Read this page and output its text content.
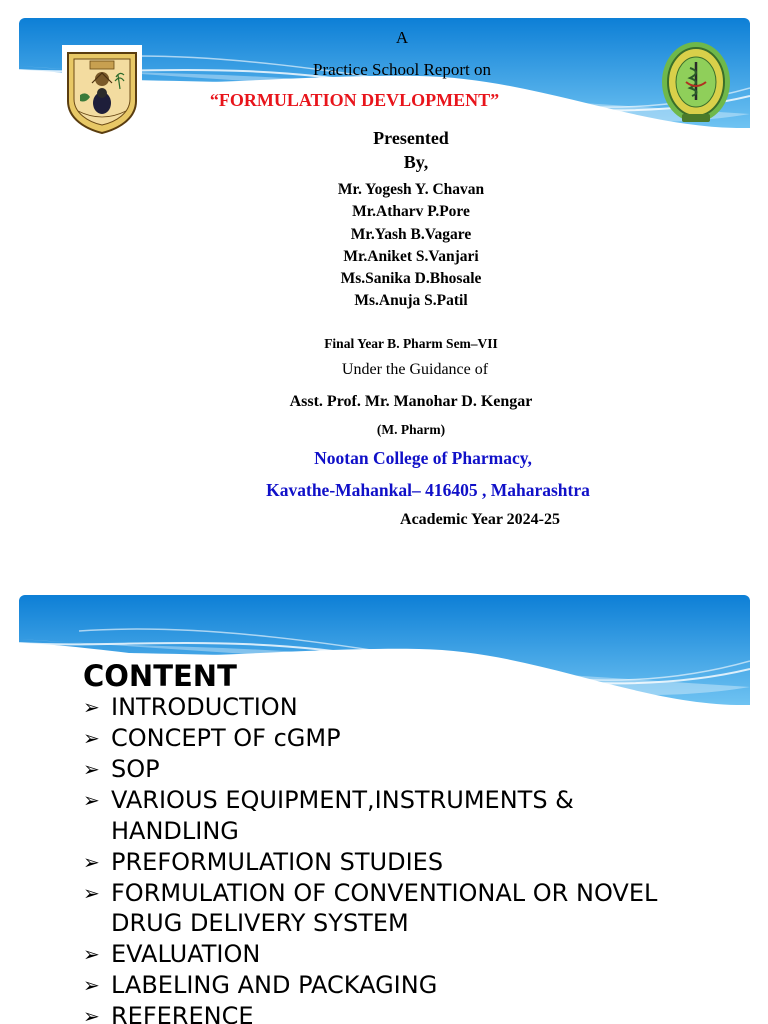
A
Practice School Report on
“FORMULATION DEVLOPMENT”
Presented
By,
Mr. Yogesh Y. Chavan
Mr.Atharv P.Pore
Mr.Yash B.Vagare
Mr.Aniket S.Vanjari
Ms.Sanika D.Bhosale
Ms.Anuja S.Patil
Final Year B. Pharm Sem–VII
Under the Guidance of
Asst. Prof. Mr. Manohar D. Kengar
(M. Pharm)
Nootan College of Pharmacy,
Kavathe-Mahankal– 416405 , Maharashtra
Academic Year 2024-25
CONTENT
➢ INTRODUCTION
➢ CONCEPT OF cGMP
➢ SOP
➢ VARIOUS EQUIPMENT,INSTRUMENTS & HANDLING
➢ PREFORMULATION STUDIES
➢ FORMULATION OF CONVENTIONAL OR NOVEL DRUG DELIVERY SYSTEM
➢ EVALUATION
➢ LABELING AND PACKAGING
➢ REFERENCE
